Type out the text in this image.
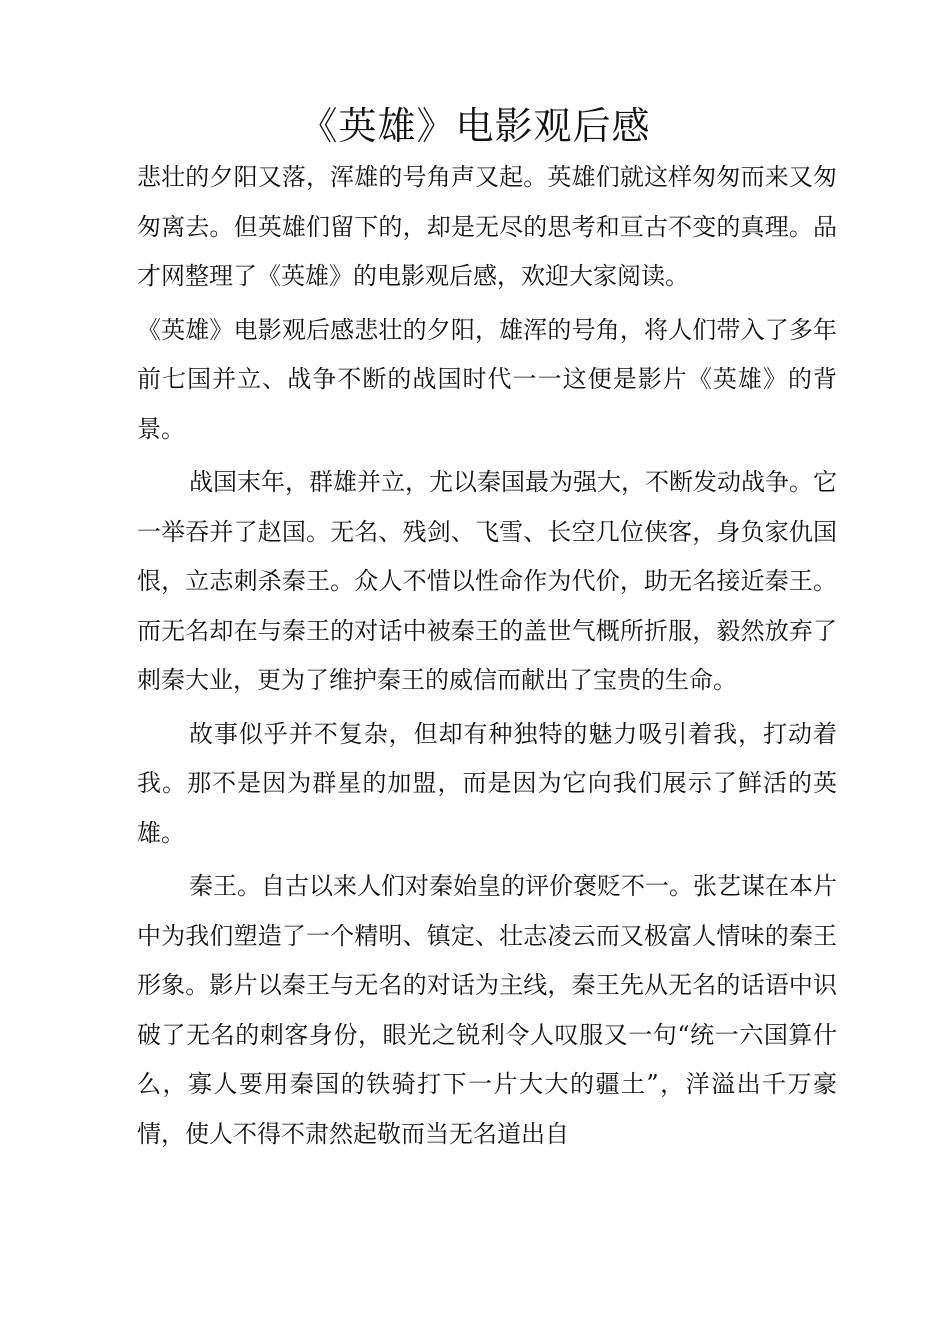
《英雄》电影观后感

悲壮的夕阳又落，浑雄的号角声又起。英雄们就这样匆匆而来又匆匆离去。但英雄们留下的，却是无尽的思考和亘古不变的真理。品才网整理了《英雄》的电影观后感，欢迎大家阅读。

《英雄》电影观后感悲壮的夕阳，雄浑的号角，将人们带入了多年前七国并立、战争不断的战国时代一一这便是影片《英雄》的背景。

战国末年，群雄并立，尤以秦国最为强大，不断发动战争。它一举吞并了赵国。无名、残剑、飞雪、长空几位侠客，身负家仇国恨，立志刺杀秦王。众人不惜以性命作为代价，助无名接近秦王。而无名却在与秦王的对话中被秦王的盖世气概所折服，毅然放弃了刺秦大业，更为了维护秦王的威信而献出了宝贵的生命。

故事似乎并不复杂，但却有种独特的魅力吸引着我，打动着我。那不是因为群星的加盟，而是因为它向我们展示了鲜活的英雄。

秦王。自古以来人们对秦始皇的评价褒贬不一。张艺谋在本片中为我们塑造了一个精明、镇定、壮志凌云而又极富人情味的秦王形象。影片以秦王与无名的对话为主线，秦王先从无名的话语中识破了无名的刺客身份，眼光之锐利令人叹服又一句“统一六国算什么，寡人要用秦国的铁骑打下一片大大的疆土”，洋溢出千万豪情，使人不得不肃然起敬而当无名道出自
